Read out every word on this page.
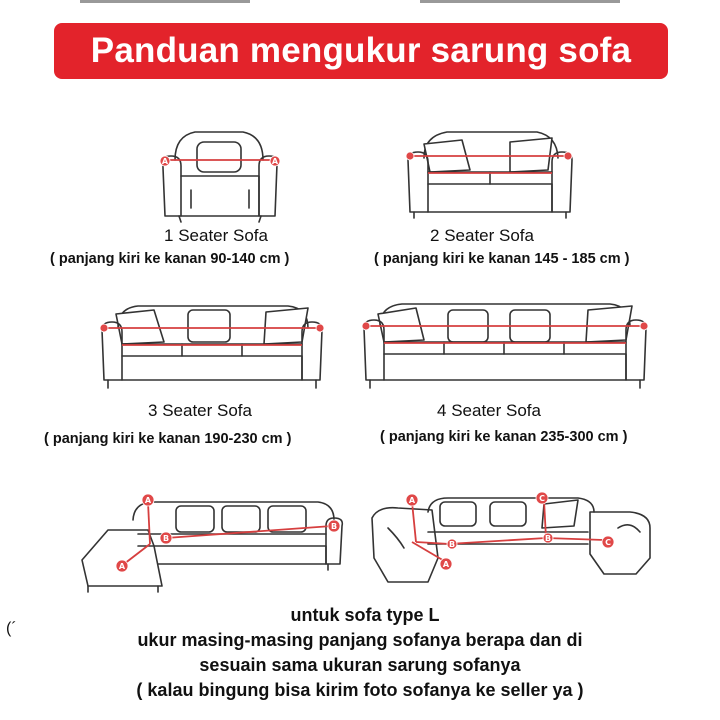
Panduan mengukur sarung sofa
A	A
1 Seater Sofa	2 Seater Sofa
( panjang kiri ke kanan 90-140 cm )	( panjang kiri ke kanan 145 - 185 cm )
3 Seater Sofa	4 Seater Sofa
( panjang kiri ke kanan 190-230 cm )	( panjang kiri ke kanan 235-300 cm )
A
A
B
B
A
A
B
B
C
C
(´
untuk sofa type L
ukur masing-masing panjang sofanya berapa dan di
sesuain sama ukuran sarung sofanya
( kalau bingung bisa kirim foto sofanya ke seller ya )
